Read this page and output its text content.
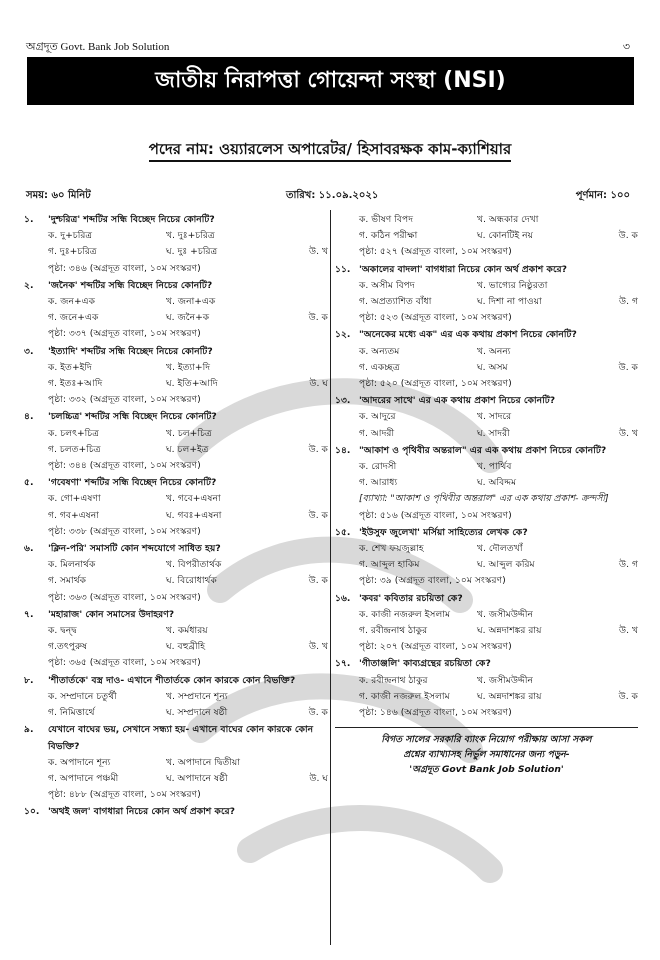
অগ্রদূত Govt. Bank Job Solution	৩
জাতীয় নিরাপত্তা গোয়েন্দা সংস্থা (NSI)
পদের নাম: ওয়্যারলেস অপারেটর/ হিসাবরক্ষক কাম-ক্যাশিয়ার
সময়: ৬০ মিনিট	তারিখ: ১১.০৯.২০২১	পূর্ণমান: ১০০
১.	'দুশ্চরিত্র' শব্দটির সন্ধি বিচ্ছেদ নিচের কোনটি?
ক. দু+চরিত্র	খ. দুঃ+চরিত্র
গ. দুঃ+চরিত্র	ঘ. দুঃ +চরিত্র	উ. খ
পৃষ্ঠা: ৩৪৬ (অগ্রদূত বাংলা, ১০ম সংস্করণ)
২.	'জনৈক' শব্দটির সন্ধি বিচ্ছেদ নিচের কোনটি?
ক. জন+এক	খ. জনা+এক
গ. জনে+এক	ঘ. জনৈ+ক	উ. ক
পৃষ্ঠা: ৩৩৭ (অগ্রদূত বাংলা, ১০ম সংস্করণ)
৩.	'ইত্যাদি' শব্দটির সন্ধি বিচ্ছেদ নিচের কোনটি?
ক. ইত+ইদি	খ. ইত্যা+দি
গ. ইতঃ+আদি	ঘ. ইতি+আদি	উ. ঘ
পৃষ্ঠা: ৩৩২ (অগ্রদূত বাংলা, ১০ম সংস্করণ)
৪.	'চলচ্চিত্র' শব্দটির সন্ধি বিচ্ছেদ নিচের কোনটি?
ক. চলৎ+চিত্র	খ. চল+চিত্র
গ. চলত+চিত্র	ঘ. চল+ইত্র	উ. ক
পৃষ্ঠা: ৩৪৪ (অগ্রদূত বাংলা, ১০ম সংস্করণ)
৫.	'গবেষণা' শব্দটির সন্ধি বিচ্ছেদ নিচের কোনটি?
ক. গো+এষণা	খ. গবে+এষনা
গ. গব+এষনা	ঘ. গবঃ+এষনা	উ. ক
পৃষ্ঠা: ৩৩৮ (অগ্রদূত বাংলা, ১০ম সংস্করণ)
৬.	'ক্লিন-পরি' সমাসটি কোন শব্দযোগে সাধিত হয়?
ক. মিলনার্থক	খ. বিপরীতার্থক
গ. সমার্থক	ঘ. বিরোধার্থক	উ. ক
পৃষ্ঠা: ৩৬৩ (অগ্রদূত বাংলা, ১০ম সংস্করণ)
৭.	'মহারাজ' কোন সমাসের উদাহরণ?
ক. দ্বন্দ্ব	খ. কর্মধারয়
গ.তৎপুরুষ	ঘ. বহুব্রীহি	উ. খ
পৃষ্ঠা: ৩৬৫ (অগ্রদূত বাংলা, ১০ম সংস্করণ)
৮.	'শীতার্তকে' বস্ত্র দাও- এখানে শীতার্তকে কোন কারকে কোন বিভক্তি?
ক. সম্প্রদানে চতুর্থী	খ. সম্প্রদানে শূন্য
গ. নিমিত্তার্থে	ঘ. সম্প্রদানে ষষ্ঠী	উ. ক
৯.	যেখানে বাঘের ভয়, সেখানে সন্ধ্যা হয়- এখানে বাঘের কোন কারকে কোন বিভক্তি?
ক. অপাদানে শূন্য	খ. অপাদানে দ্বিতীয়া
গ. অপাদানে পঞ্চমী	ঘ. অপাদানে ষষ্ঠী	উ. ঘ
পৃষ্ঠা: ৪৮৮ (অগ্রদূত বাংলা, ১০ম সংস্করণ)
১০. 'অথই জল' বাগধারা নিচের কোন অর্থ প্রকাশ করে?
ক. ভীষণ বিপদ	খ. অন্ধকার দেখা
গ. কঠিন পরীক্ষা	ঘ. কোনটিই নয়	উ. ক
পৃষ্ঠা: ৫২৭ (অগ্রদূত বাংলা, ১০ম সংস্করণ)
১১. 'অকালের বাদলা' বাগধারা নিচের কোন অর্থ প্রকাশ করে?
ক. অসীম বিপদ	খ. ভাগ্যের নিষ্ঠুরতা
গ. অপ্রত্যাশিত বাঁধা	ঘ. দিশা না পাওয়া	উ. গ
পৃষ্ঠা: ৫২৩ (অগ্রদূত বাংলা, ১০ম সংস্করণ)
১২. "অনেকের মধ্যে এক" এর এক কথায় প্রকাশ নিচের কোনটি?
ক. অন্যতম	খ. অনন্য
গ. একচ্ছত্র	ঘ. অসম	উ. ক
পৃষ্ঠা: ৫২০ (অগ্রদূত বাংলা, ১০ম সংস্করণ)
১৩. 'আদরের সাথে' এর এক কথায় প্রকাশ নিচের কোনটি?
ক. আদুরে	খ. সাদরে
গ. আদরী	ঘ. সাদরী	উ. খ
১৪. "আকাশ ও পৃথিবীর অন্তরাল" এর এক কথায় প্রকাশ নিচের কোনটি?
ক. রোদসী	খ. পার্থিব
গ. আরাধ্য	ঘ. অবিদ্দম
[ব্যাখ্যা: "আকাশ ও পৃথিবীর অন্তরাল" এর এক কথায় প্রকাশ- ক্রন্দসী]
পৃষ্ঠা: ৫১৬ (অগ্রদূত বাংলা, ১০ম সংস্করণ)
১৫. 'ইউসুফ জুলেখা' মর্সিয়া সাহিত্যের লেখক কে?
ক. শেখ ফয়জুল্লাহ	খ. দৌলতখাঁ
গ. আব্দুল হাকিম	ঘ. আব্দুল করিম	উ. গ
পৃষ্ঠা: ৩৯ (অগ্রদূত বাংলা, ১০ম সংস্করণ)
১৬. 'কবর' কবিতার রচয়িতা কে?
ক. কাজী নজরুল ইসলাম	খ. জসীমউদ্দীন
গ. রবীন্দ্রনাথ ঠাকুর	ঘ. অন্নদাশঙ্কর রায়	উ. খ
পৃষ্ঠা: ২০৭ (অগ্রদূত বাংলা, ১০ম সংস্করণ)
১৭. 'গীতাঞ্জলি' কাব্যগ্রন্থের রচয়িতা কে?
ক. রবীন্দ্রনাথ ঠাকুর	খ. জসীমউদ্দীন
গ. কাজী নজরুল ইসলাম	ঘ. অন্নদাশঙ্কর রায়	উ. ক
পৃষ্ঠা: ১৪৬ (অগ্রদূত বাংলা, ১০ম সংস্করণ)
বিগত সালের সরকারি ব্যাংক নিয়োগ পরীক্ষায় আসা সকল
প্রশ্নের ব্যাখ্যাসহ নির্ভুল সমাধানের জন্য পড়ুন-
'অগ্রদূত Govt Bank Job Solution'
